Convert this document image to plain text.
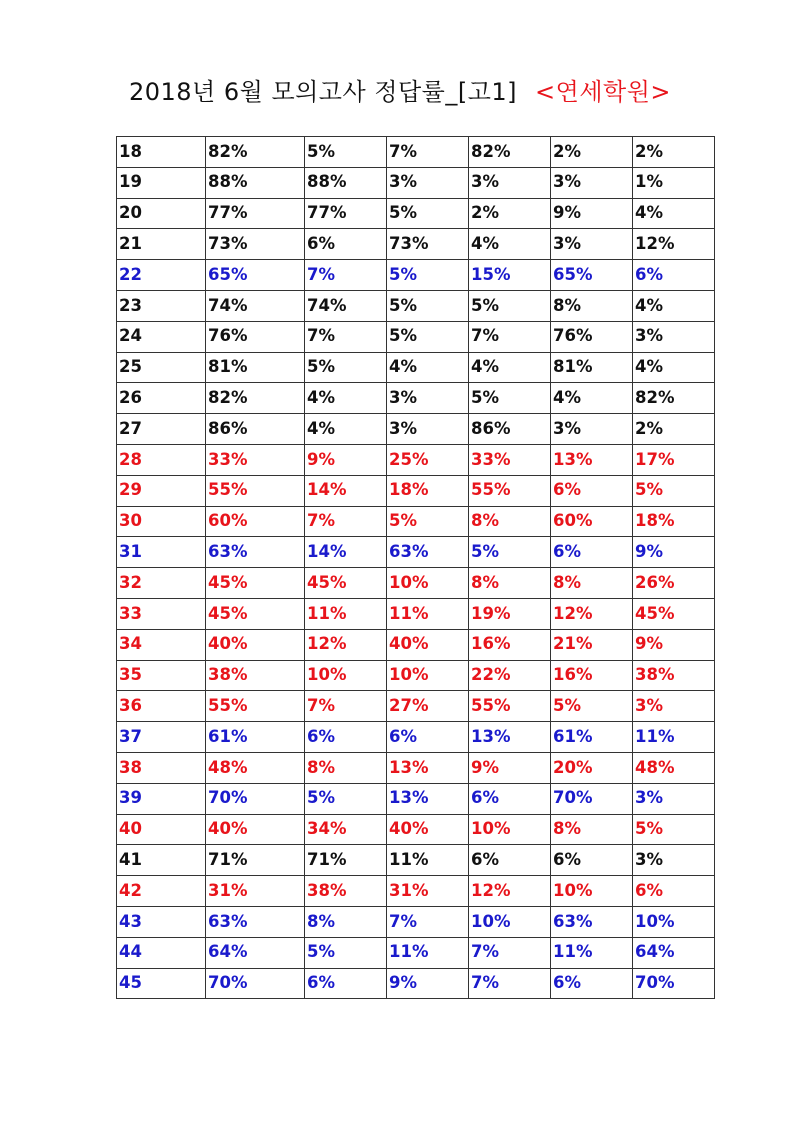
2018년 6월 모의고사 정답률_[고1] <연세학원>
18	82%	5%	7%	82%	2%	2%
19	88%	88%	3%	3%	3%	1%
20	77%	77%	5%	2%	9%	4%
21	73%	6%	73%	4%	3%	12%
22	65%	7%	5%	15%	65%	6%
23	74%	74%	5%	5%	8%	4%
24	76%	7%	5%	7%	76%	3%
25	81%	5%	4%	4%	81%	4%
26	82%	4%	3%	5%	4%	82%
27	86%	4%	3%	86%	3%	2%
28	33%	9%	25%	33%	13%	17%
29	55%	14%	18%	55%	6%	5%
30	60%	7%	5%	8%	60%	18%
31	63%	14%	63%	5%	6%	9%
32	45%	45%	10%	8%	8%	26%
33	45%	11%	11%	19%	12%	45%
34	40%	12%	40%	16%	21%	9%
35	38%	10%	10%	22%	16%	38%
36	55%	7%	27%	55%	5%	3%
37	61%	6%	6%	13%	61%	11%
38	48%	8%	13%	9%	20%	48%
39	70%	5%	13%	6%	70%	3%
40	40%	34%	40%	10%	8%	5%
41	71%	71%	11%	6%	6%	3%
42	31%	38%	31%	12%	10%	6%
43	63%	8%	7%	10%	63%	10%
44	64%	5%	11%	7%	11%	64%
45	70%	6%	9%	7%	6%	70%
